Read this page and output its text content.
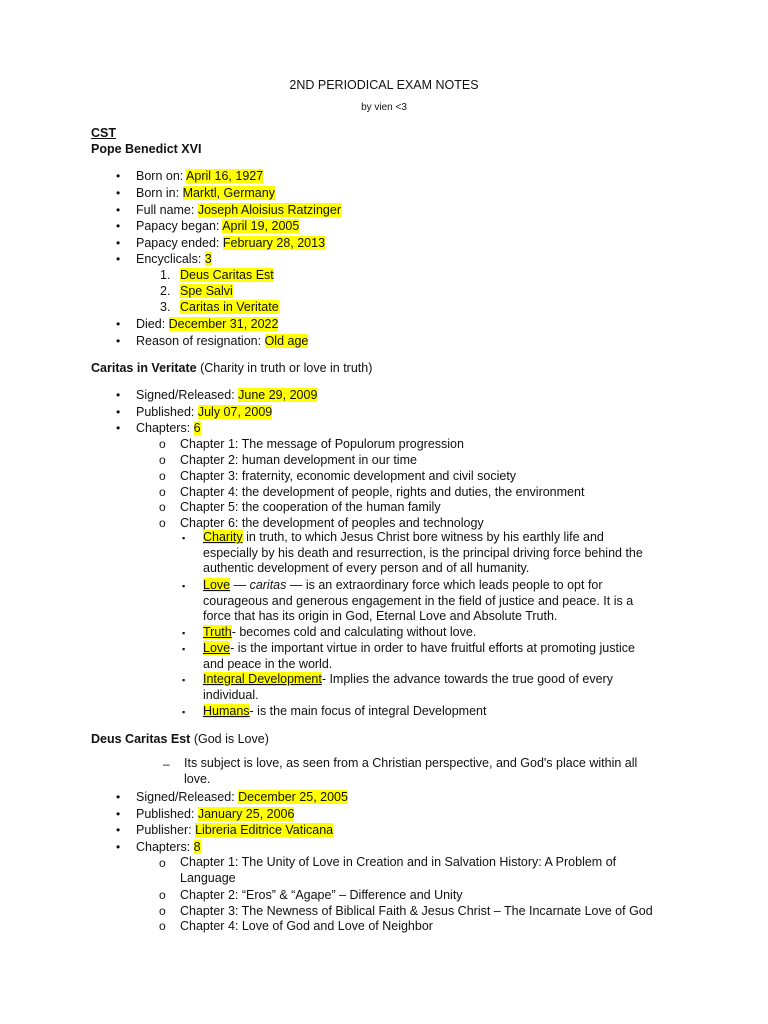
2ND PERIODICAL EXAM NOTES
by vien <3
CST
Pope Benedict XVI
• Born on: April 16, 1927
• Born in: Marktl, Germany
• Full name: Joseph Aloisius Ratzinger
• Papacy began: April 19, 2005
• Papacy ended: February 28, 2013
• Encyclicals: 3
1. Deus Caritas Est
2. Spe Salvi
3. Caritas in Veritate
• Died: December 31, 2022
• Reason of resignation: Old age
Caritas in Veritate (Charity in truth or love in truth)
• Signed/Released: June 29, 2009
• Published: July 07, 2009
• Chapters: 6
o Chapter 1: The message of Populorum progression
o Chapter 2: human development in our time
o Chapter 3: fraternity, economic development and civil society
o Chapter 4: the development of people, rights and duties, the environment
o Chapter 5: the cooperation of the human family
o Chapter 6: the development of peoples and technology
▪ Charity in truth, to which Jesus Christ bore witness by his earthly life and
especially by his death and resurrection, is the principal driving force behind the
authentic development of every person and of all humanity.
▪ Love — caritas — is an extraordinary force which leads people to opt for
courageous and generous engagement in the field of justice and peace. It is a
force that has its origin in God, Eternal Love and Absolute Truth.
▪ Truth- becomes cold and calculating without love.
▪ Love- is the important virtue in order to have fruitful efforts at promoting justice
and peace in the world.
▪ Integral Development- Implies the advance towards the true good of every
individual.
▪ Humans- is the main focus of integral Development
Deus Caritas Est (God is Love)
– Its subject is love, as seen from a Christian perspective, and God's place within all
love.
• Signed/Released: December 25, 2005
• Published: January 25, 2006
• Publisher: Libreria Editrice Vaticana
• Chapters: 8
o Chapter 1: The Unity of Love in Creation and in Salvation History: A Problem of
Language
o Chapter 2: “Eros” & “Agape” – Difference and Unity
o Chapter 3: The Newness of Biblical Faith & Jesus Christ – The Incarnate Love of God
o Chapter 4: Love of God and Love of Neighbor
